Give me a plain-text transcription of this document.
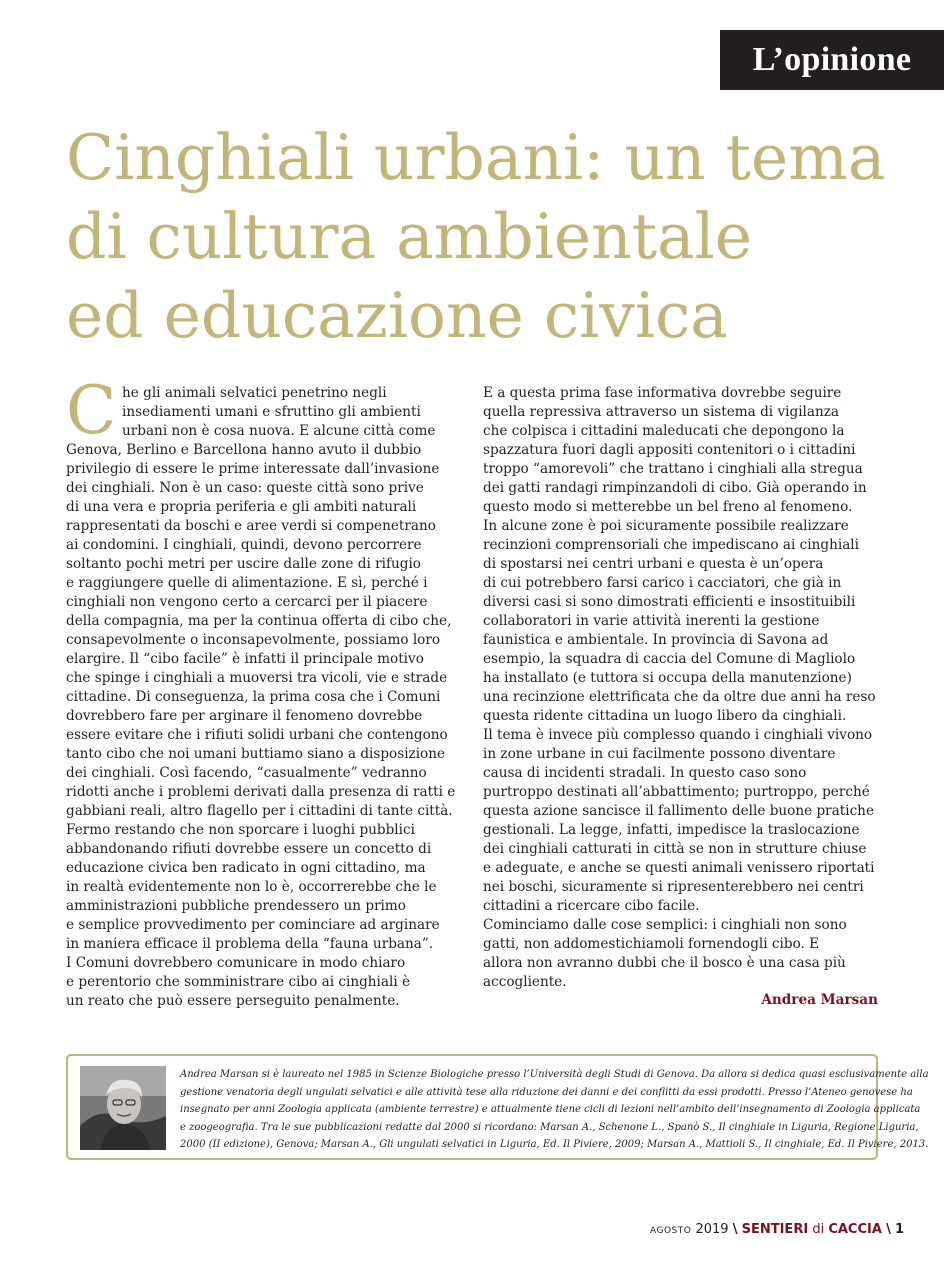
L’opinione
Cinghiali urbani: un tema
di cultura ambientale
ed educazione civica
C he gli animali selvatici penetrino negli
insediamenti umani e sfruttino gli ambienti
urbani non è cosa nuova. E alcune città come
Genova, Berlino e Barcellona hanno avuto il dubbio
privilegio di essere le prime interessate dall’invasione
dei cinghiali. Non è un caso: queste città sono prive
di una vera e propria periferia e gli ambiti naturali
rappresentati da boschi e aree verdi si compenetrano
ai condomini. I cinghiali, quindi, devono percorrere
soltanto pochi metri per uscire dalle zone di rifugio
e raggiungere quelle di alimentazione. E sì, perché i
cinghiali non vengono certo a cercarci per il piacere
della compagnia, ma per la continua offerta di cibo che,
consapevolmente o inconsapevolmente, possiamo loro
elargire. Il “cibo facile” è infatti il principale motivo
che spinge i cinghiali a muoversi tra vicoli, vie e strade
cittadine. Di conseguenza, la prima cosa che i Comuni
dovrebbero fare per arginare il fenomeno dovrebbe
essere evitare che i rifiuti solidi urbani che contengono
tanto cibo che noi umani buttiamo siano a disposizione
dei cinghiali. Così facendo, “casualmente” vedranno
ridotti anche i problemi derivati dalla presenza di ratti e
gabbiani reali, altro flagello per i cittadini di tante città.
Fermo restando che non sporcare i luoghi pubblici
abbandonando rifiuti dovrebbe essere un concetto di
educazione civica ben radicato in ogni cittadino, ma
in realtà evidentemente non lo è, occorrerebbe che le
amministrazioni pubbliche prendessero un primo
e semplice provvedimento per cominciare ad arginare
in maniera efficace il problema della “fauna urbana”.
I Comuni dovrebbero comunicare in modo chiaro
e perentorio che somministrare cibo ai cinghiali è
un reato che può essere perseguito penalmente.
E a questa prima fase informativa dovrebbe seguire
quella repressiva attraverso un sistema di vigilanza
che colpisca i cittadini maleducati che depongono la
spazzatura fuori dagli appositi contenitori o i cittadini
troppo “amorevoli” che trattano i cinghiali alla stregua
dei gatti randagi rimpinzandoli di cibo. Già operando in
questo modo si metterebbe un bel freno al fenomeno.
In alcune zone è poi sicuramente possibile realizzare
recinzioni comprensoriali che impediscano ai cinghiali
di spostarsi nei centri urbani e questa è un’opera
di cui potrebbero farsi carico i cacciatori, che già in
diversi casi si sono dimostrati efficienti e insostituibili
collaboratori in varie attività inerenti la gestione
faunistica e ambientale. In provincia di Savona ad
esempio, la squadra di caccia del Comune di Magliolo
ha installato (e tuttora si occupa della manutenzione)
una recinzione elettrificata che da oltre due anni ha reso
questa ridente cittadina un luogo libero da cinghiali.
Il tema è invece più complesso quando i cinghiali vivono
in zone urbane in cui facilmente possono diventare
causa di incidenti stradali. In questo caso sono
purtroppo destinati all’abbattimento; purtroppo, perché
questa azione sancisce il fallimento delle buone pratiche
gestionali. La legge, infatti, impedisce la traslocazione
dei cinghiali catturati in città se non in strutture chiuse
e adeguate, e anche se questi animali venissero riportati
nei boschi, sicuramente si ripresenterebbero nei centri
cittadini a ricercare cibo facile.
Cominciamo dalle cose semplici: i cinghiali non sono
gatti, non addomestichiamoli fornendogli cibo. E
allora non avranno dubbi che il bosco è una casa più
accogliente.
Andrea Marsan
Andrea Marsan si è laureato nel 1985 in Scienze Biologiche presso l’Università degli Studi di Genova. Da allora si dedica quasi esclusivamente alla
gestione venatoria degli ungulati selvatici e alle attività tese alla riduzione dei danni e dei conflitti da essi prodotti. Presso l’Ateneo genovese ha
insegnato per anni Zoologia applicata (ambiente terrestre) e attualmente tiene cicli di lezioni nell’ambito dell’insegnamento di Zoologia applicata
e zoogeografia. Tra le sue pubblicazioni redatte dal 2000 si ricordano: Marsan A., Schenone L., Spanò S., Il cinghiale in Liguria, Regione Liguria,
2000 (II edizione), Genova; Marsan A., Gli ungulati selvatici in Liguria, Ed. Il Piviere, 2009; Marsan A., Mattioli S., Il cinghiale, Ed. Il Piviere, 2013.
agosto 2019 \ SENTIERI di CACCIA \ 1
